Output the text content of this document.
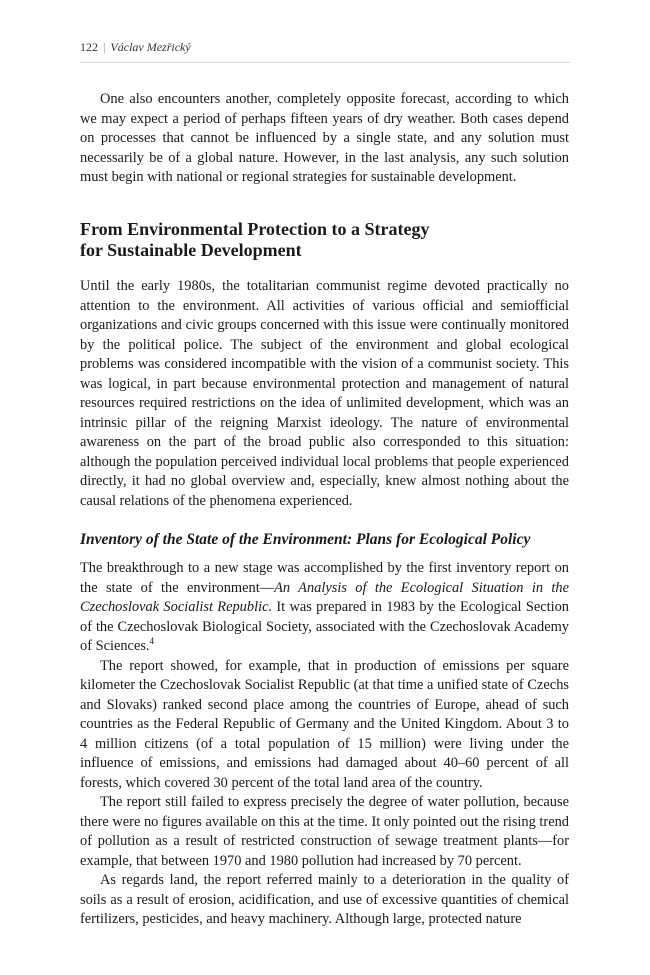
122 | Václav Mezřický

One also encounters another, completely opposite forecast, according to which we may expect a period of perhaps fifteen years of dry weather. Both cases depend on processes that cannot be influenced by a single state, and any solution must necessarily be of a global nature. However, in the last analysis, any such solution must begin with national or regional strategies for sustainable development.

From Environmental Protection to a Strategy
for Sustainable Development

Until the early 1980s, the totalitarian communist regime devoted practically no attention to the environment. All activities of various official and semiofficial organizations and civic groups concerned with this issue were continually monitored by the political police. The subject of the environment and global ecological problems was considered incompatible with the vision of a communist society. This was logical, in part because environmental protection and management of natural resources required restrictions on the idea of unlimited development, which was an intrinsic pillar of the reigning Marxist ideology. The nature of environmental awareness on the part of the broad public also corresponded to this situation: although the population perceived individual local problems that people experienced directly, it had no global overview and, especially, knew almost nothing about the causal relations of the phenomena experienced.

Inventory of the State of the Environment: Plans for Ecological Policy

The breakthrough to a new stage was accomplished by the first inventory report on the state of the environment—An Analysis of the Ecological Situation in the Czechoslovak Socialist Republic. It was prepared in 1983 by the Ecological Section of the Czechoslovak Biological Society, associated with the Czechoslovak Academy of Sciences.$^4$

The report showed, for example, that in production of emissions per square kilometer the Czechoslovak Socialist Republic (at that time a unified state of Czechs and Slovaks) ranked second place among the countries of Europe, ahead of such countries as the Federal Republic of Germany and the United Kingdom. About 3 to 4 million citizens (of a total population of 15 million) were living under the influence of emissions, and emissions had damaged about 40–60 percent of all forests, which covered 30 percent of the total land area of the country.

The report still failed to express precisely the degree of water pollution, because there were no figures available on this at the time. It only pointed out the rising trend of pollution as a result of restricted construction of sewage treatment plants—for example, that between 1970 and 1980 pollution had increased by 70 percent.

As regards land, the report referred mainly to a deterioration in the quality of soils as a result of erosion, acidification, and use of excessive quantities of chemical fertilizers, pesticides, and heavy machinery. Although large, protected nature
